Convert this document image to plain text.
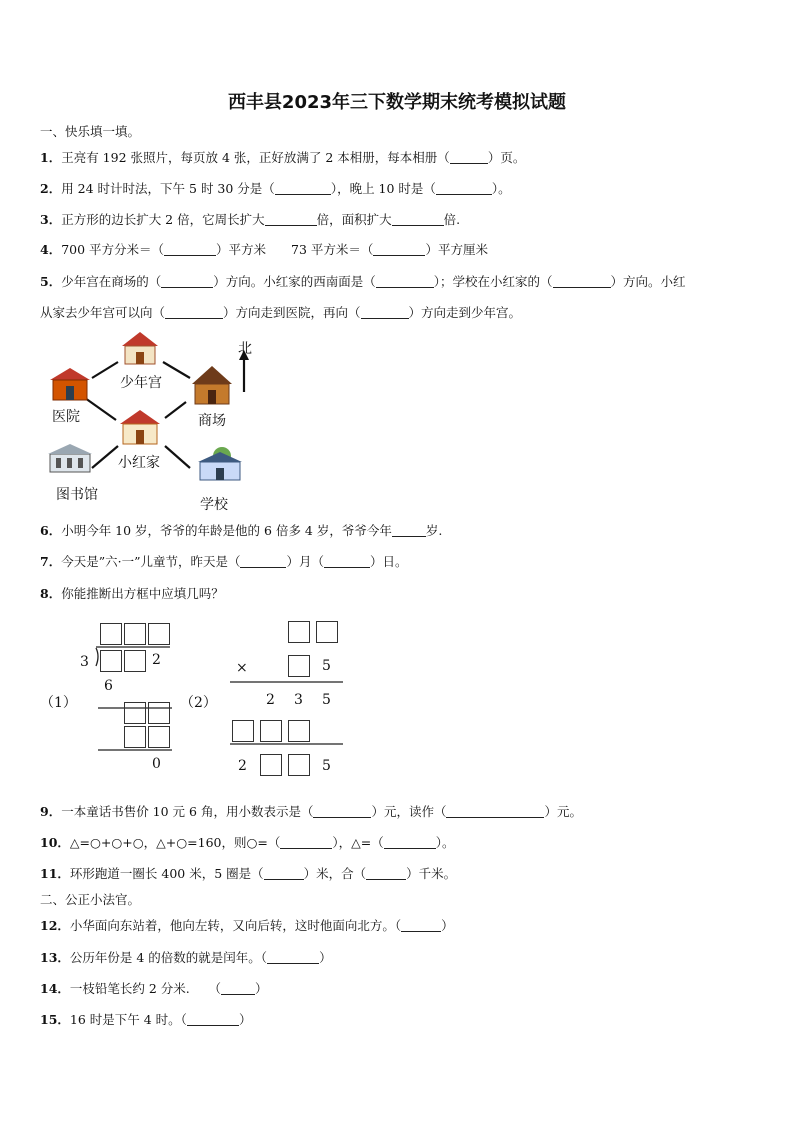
西丰县2023年三下数学期末统考模拟试题
一、快乐填一填。
1．王亮有 192 张照片，每页放 4 张，正好放满了 2 本相册，每本相册（	）页。
2．用 24 时计时法，下午 5 时 30 分是（	），晚上 10 时是（	）。
3．正方形的边长扩大 2 倍，它周长扩大	倍，面积扩大	倍.
4．700 平方分米＝（	）平方米　　73 平方米＝（	）平方厘米
5．少年宫在商场的（	）方向。小红家的西南面是（	）；学校在小红家的（	）方向。小红
从家去少年宫可以向（	）方向走到医院，再向（	）方向走到少年宫。
北
少年宫
医院	商场
小红家
图书馆
学校
6．小明今年 10 岁，爷爷的年龄是他的 6 倍多 4 岁，爷爷今年	岁.
7．今天是”六·一”儿童节，昨天是（	）月（	）日。
8．你能推断出方框中应填几吗？
3	2
6
0
（1）	（2）
×	5
2 3 5
2	5
9．一本童话书售价 10 元 6 角，用小数表示是（	）元，读作（	）元。
10．△=○+○+○，△+○=160，则○=（	），△=（	）。
11．环形跑道一圈长 400 米，5 圈是（	）米，合（	）千米。
二、公正小法官。
12．小华面向东站着，他向左转，又向后转，这时他面向北方。（	）
13．公历年份是 4 的倍数的就是闰年。（	）
14．一枝铅笔长约 2 分米.　　（	）
15．16 时是下午 4 时。（	）
